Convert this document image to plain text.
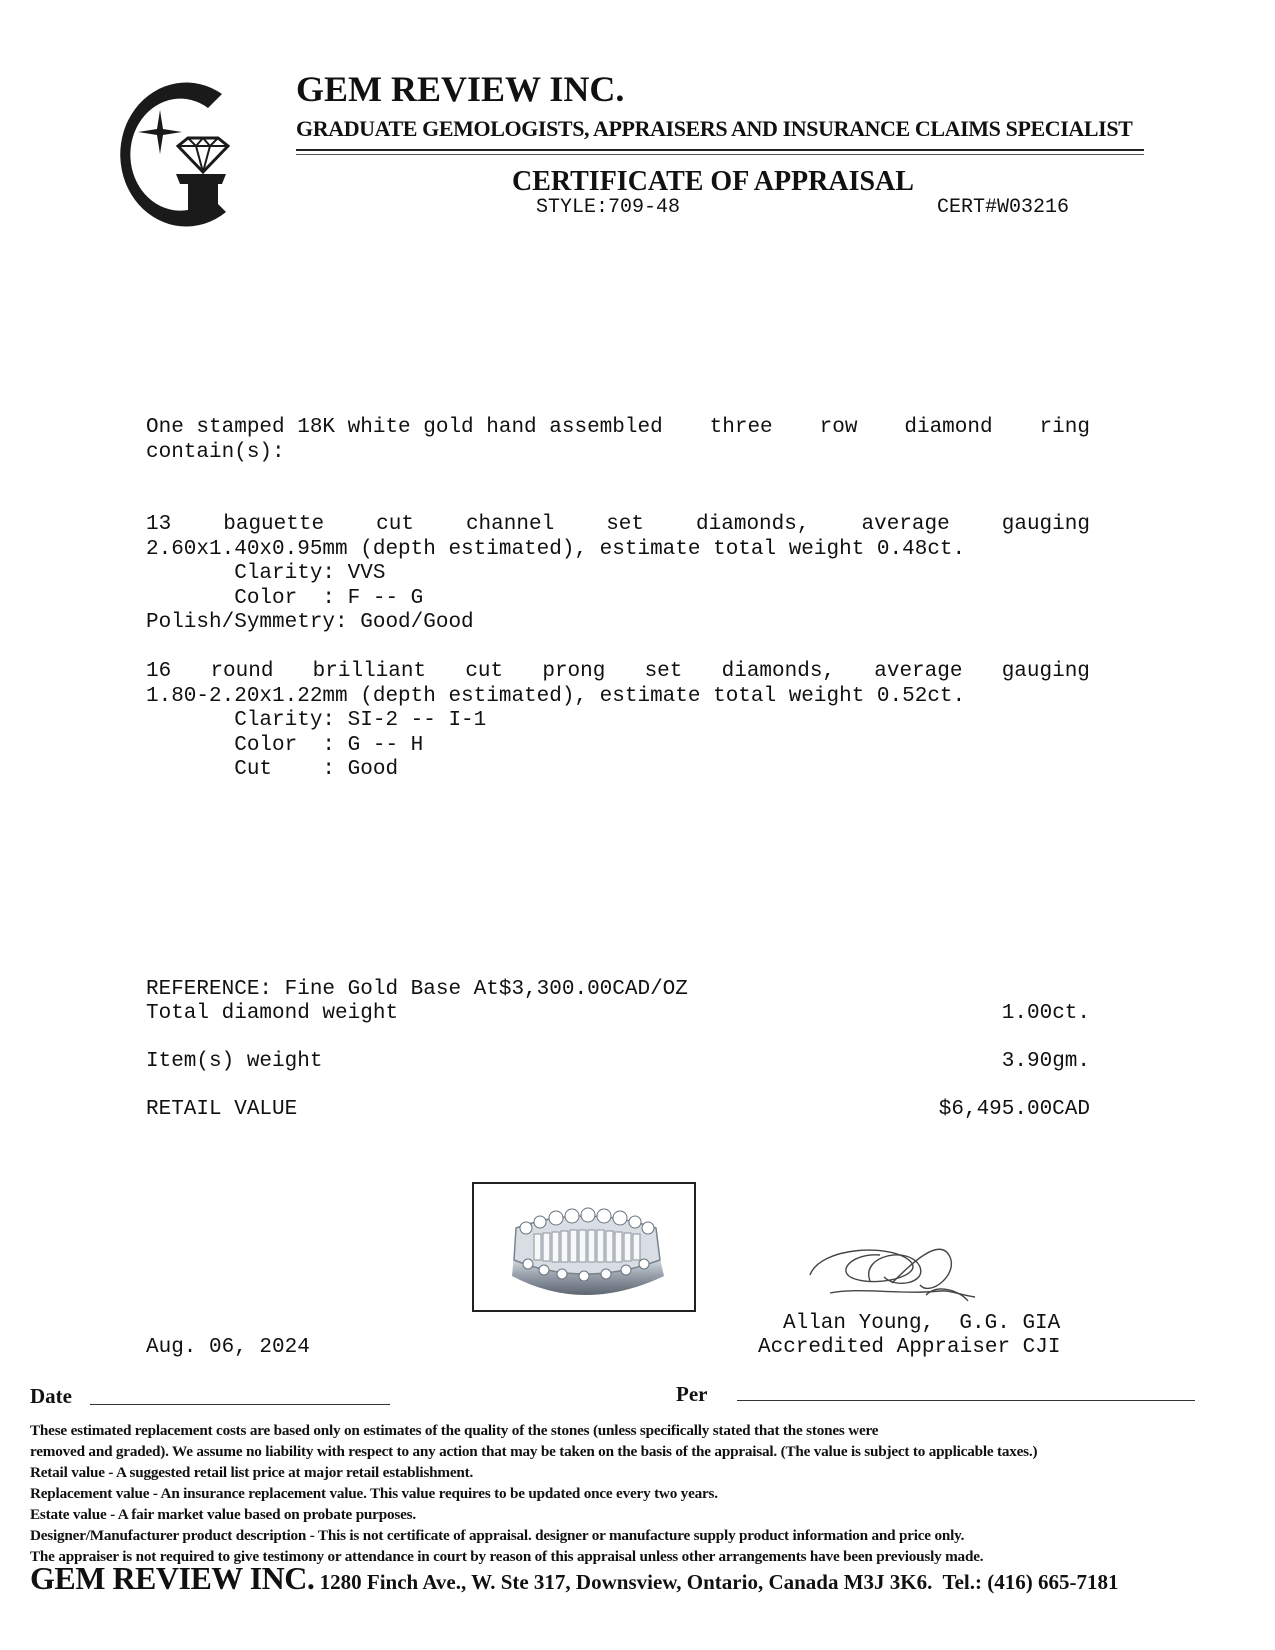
GEM REVIEW INC.
GRADUATE GEMOLOGISTS, APPRAISERS AND INSURANCE CLAIMS SPECIALIST
CERTIFICATE OF APPRAISAL
STYLE:709-48	CERT#W03216
One stamped 18K white gold hand assembled three row diamond ring
contain(s):
13 baguette cut channel set diamonds, average gauging
2.60x1.40x0.95mm (depth estimated), estimate total weight 0.48ct.
Clarity: VVS
Color  : F -- G
Polish/Symmetry: Good/Good
16 round brilliant cut prong set diamonds, average gauging
1.80-2.20x1.22mm (depth estimated), estimate total weight 0.52ct.
Clarity: SI-2 -- I-1
Color  : G -- H
Cut    : Good
REFERENCE: Fine Gold Base At$3,300.00CAD/OZ
Total diamond weight	1.00ct.
Item(s) weight	3.90gm.
RETAIL VALUE	$6,495.00CAD
Allan Young,  G.G. GIA
Accredited Appraiser CJI
Aug. 06, 2024
Date	Per
These estimated replacement costs are based only on estimates of the quality of the stones (unless specifically stated that the stones were
removed and graded). We assume no liability with respect to any action that may be taken on the basis of the appraisal. (The value is subject to applicable taxes.)
Retail value - A suggested retail list price at major retail establishment.
Replacement value - An insurance replacement value. This value requires to be updated once every two years.
Estate value - A fair market value based on probate purposes.
Designer/Manufacturer product description - This is not certificate of appraisal. designer or manufacture supply product information and price only.
The appraiser is not required to give testimony or attendance in court by reason of this appraisal unless other arrangements have been previously made.
GEM REVIEW INC. 1280 Finch Ave., W. Ste 317, Downsview, Ontario, Canada M3J 3K6.  Tel.: (416) 665-7181
